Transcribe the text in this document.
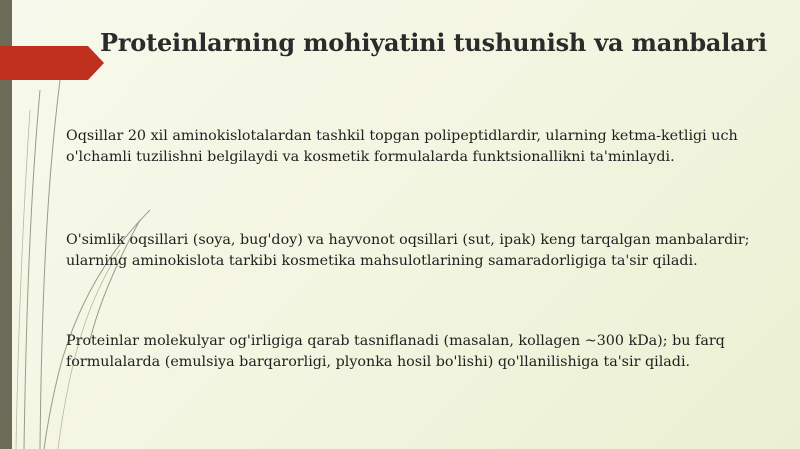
Proteinlarning mohiyatini tushunish va manbalari

Oqsillar 20 xil aminokislotalardan tashkil topgan polipeptidlardir, ularning ketma-ketligi uch o'lchamli tuzilishni belgilaydi va kosmetik formulalarda funktsionallikni ta'minlaydi.

O'simlik oqsillari (soya, bug'doy) va hayvonot oqsillari (sut, ipak) keng tarqalgan manbalardir; ularning aminokislota tarkibi kosmetika mahsulotlarining samaradorligiga ta'sir qiladi.

Proteinlar molekulyar og'irligiga qarab tasniflanadi (masalan, kollagen ~300 kDa); bu farq formulalarda (emulsiya barqarorligi, plyonka hosil bo'lishi) qo'llanilishiga ta'sir qiladi.
